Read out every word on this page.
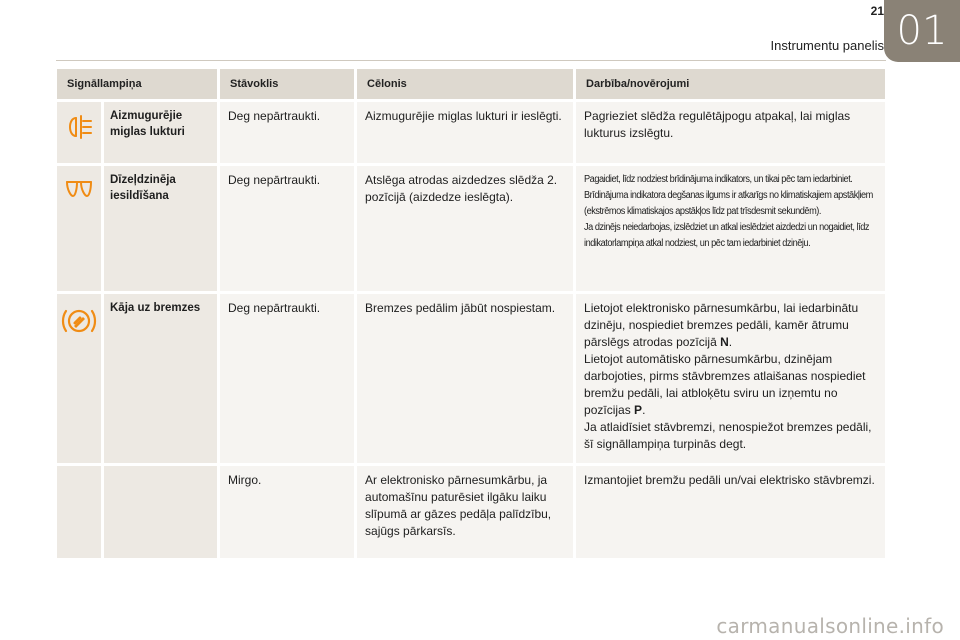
01
21
Instrumentu panelis
Signāllampiņa		Stāvoklis	Cēlonis	Darbība/novērojumi

	Aizmugurējie miglas lukturi	Deg nepārtraukti.	Aizmugurējie miglas lukturi ir ieslēgti.	Pagrieziet slēdža regulētājpogu atpakaļ, lai miglas lukturus izslēgtu.

	Dīzeļdzinēja iesildīšana	Deg nepārtraukti.	Atslēga atrodas aizdedzes slēdža 2. pozīcijā (aizdedze ieslēgta).	Pagaidiet, līdz nodziest brīdinājuma indikators, un tikai pēc tam iedarbiniet.
Brīdinājuma indikatora degšanas ilgums ir atkarīgs no klimatiskajiem apstākļiem (ekstrēmos klimatiskajos apstākļos līdz pat trīsdesmit sekundēm).
Ja dzinējs neiedarbojas, izslēdziet un atkal ieslēdziet aizdedzi un nogaidiet, līdz indikatorlampiņa atkal nodziest, un pēc tam iedarbiniet dzinēju.

	Kāja uz bremzes	Deg nepārtraukti.	Bremzes pedālim jābūt nospiestam.	Lietojot elektronisko pārnesumkārbu, lai iedarbinātu dzinēju, nospiediet bremzes pedāli, kamēr ātrumu pārslēgs atrodas pozīcijā N.
Lietojot automātisko pārnesumkārbu, dzinējam darbojoties, pirms stāvbremzes atlaišanas nospiediet bremžu pedāli, lai atbloķētu sviru un izņemtu no pozīcijas P.
Ja atlaidīsiet stāvbremzi, nenospiežot bremzes pedāli, šī signāllampiņa turpinās degt.

		Mirgo.	Ar elektronisko pārnesumkārbu, ja automašīnu paturēsiet ilgāku laiku slīpumā ar gāzes pedāļa palīdzību, sajūgs pārkarsīs.	Izmantojiet bremžu pedāli un/vai elektrisko stāvbremzi.
carmanualsonline.info
